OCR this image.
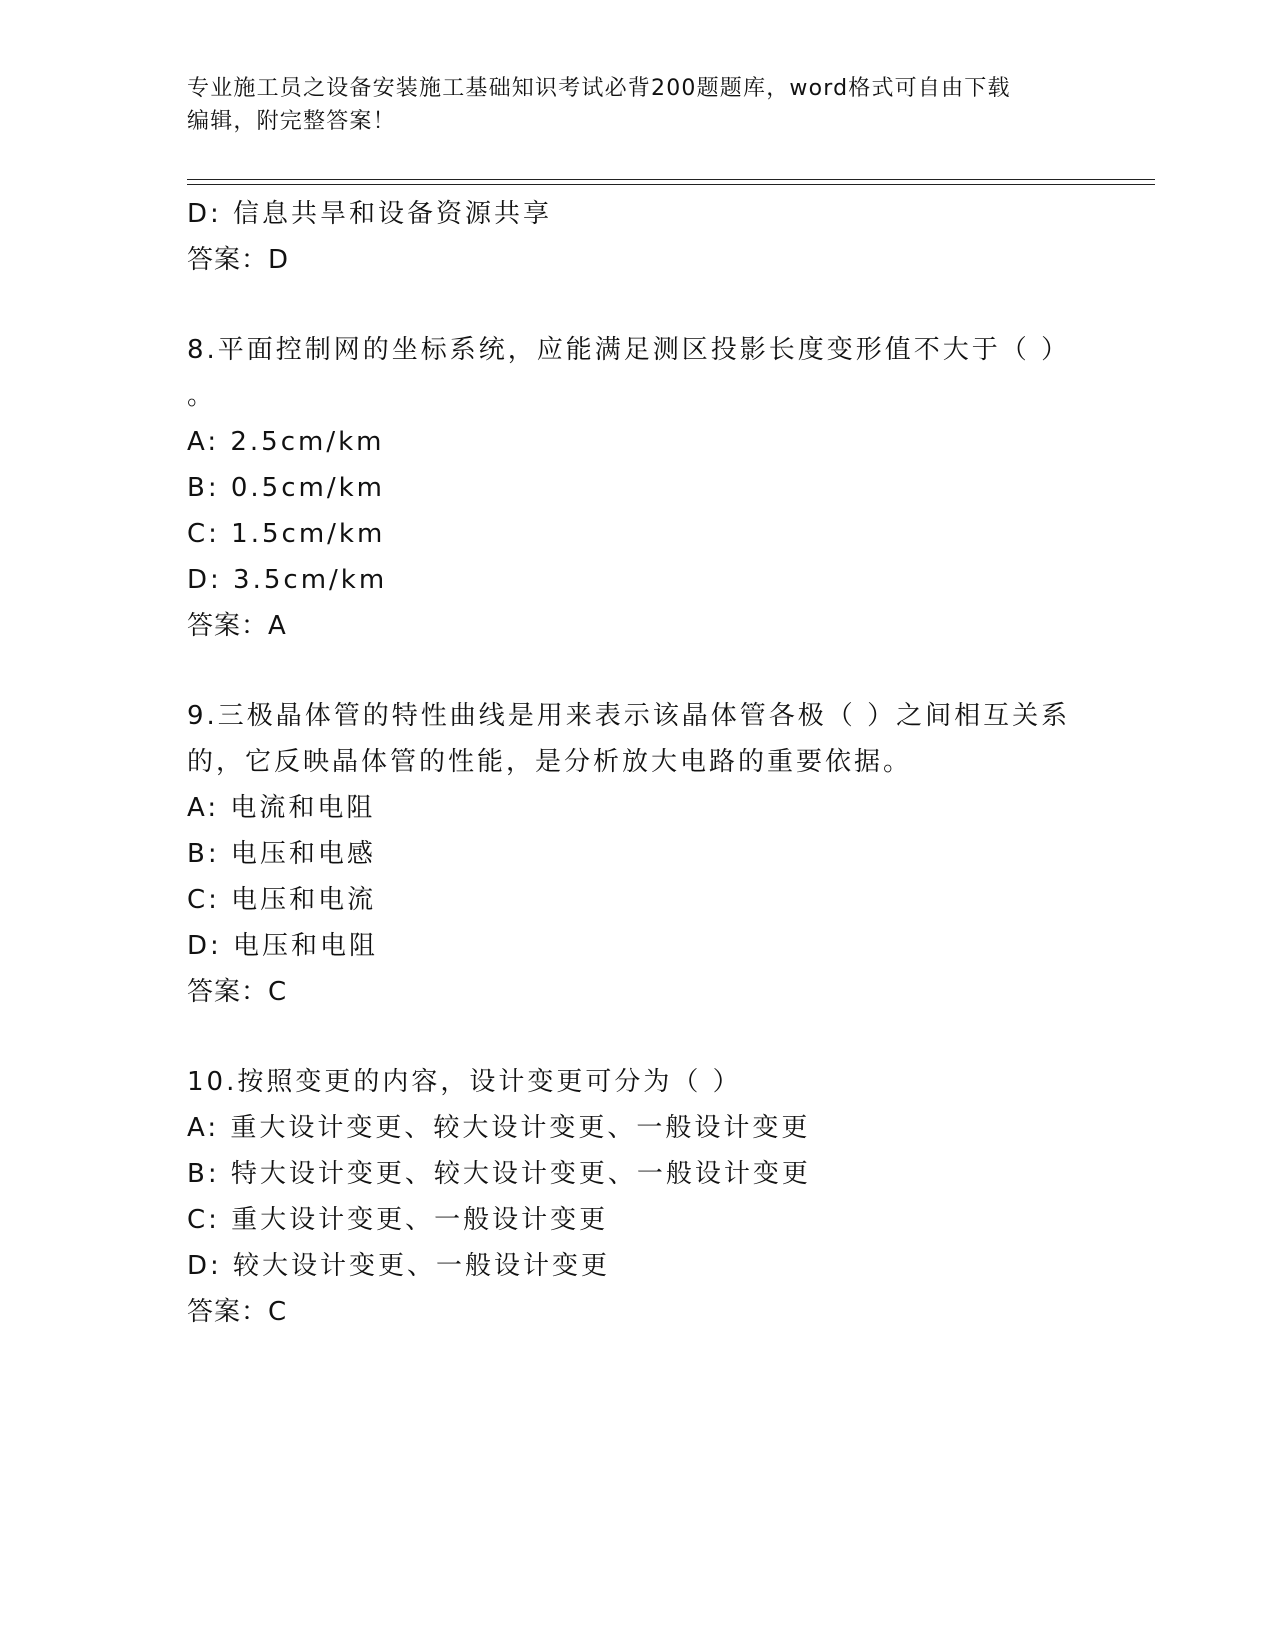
专业施工员之设备安装施工基础知识考试必背200题题库，word格式可自由下载
编辑，附完整答案！
D: 信息共旱和设备资源共享
答案：D
8.平面控制网的坐标系统，应能满足测区投影长度变形值不大于（ ）
。
A: 2.5cm/km
B: 0.5cm/km
C: 1.5cm/km
D: 3.5cm/km
答案：A
9.三极晶体管的特性曲线是用来表示该晶体管各极（ ）之间相互关系
的，它反映晶体管的性能，是分析放大电路的重要依据。
A: 电流和电阻
B: 电压和电感
C: 电压和电流
D: 电压和电阻
答案：C
10.按照变更的内容，设计变更可分为（ ）
A: 重大设计变更、较大设计变更、一般设计变更
B: 特大设计变更、较大设计变更、一般设计变更
C: 重大设计变更、一般设计变更
D: 较大设计变更、一般设计变更
答案：C
